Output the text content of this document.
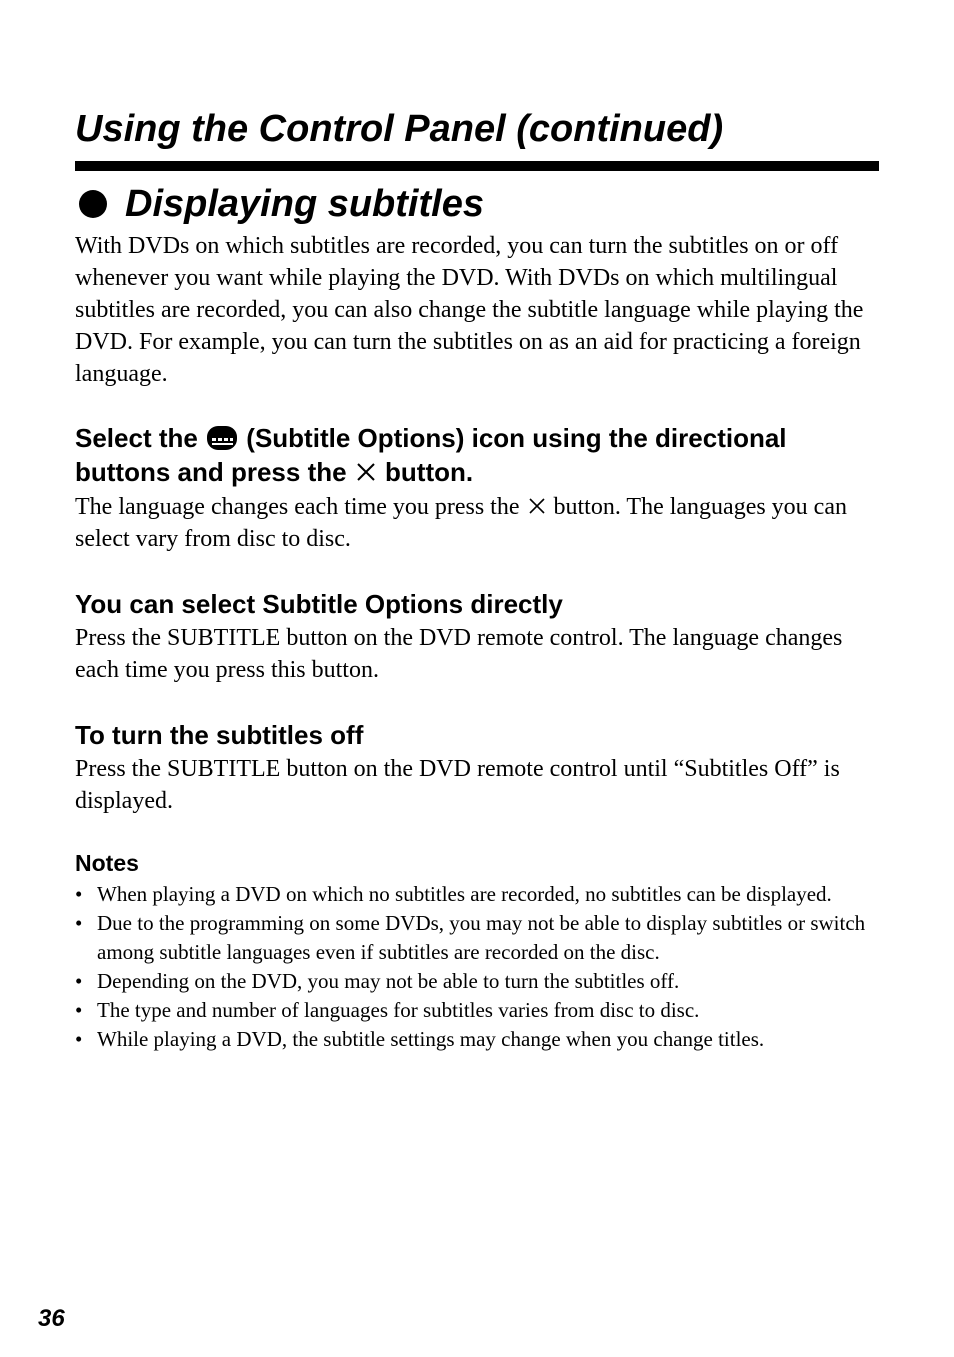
Using the Control Panel (continued)
Displaying subtitles

With DVDs on which subtitles are recorded, you can turn the subtitles on or off whenever you want while playing the DVD. With DVDs on which multilingual subtitles are recorded, you can also change the subtitle language while playing the DVD. For example, you can turn the subtitles on as an aid for practicing a foreign language.

Select the (Subtitle Options) icon using the directional buttons and press the button.

The language changes each time you press the button. The languages you can select vary from disc to disc.

You can select Subtitle Options directly

Press the SUBTITLE button on the DVD remote control. The language changes each time you press this button.

To turn the subtitles off

Press the SUBTITLE button on the DVD remote control until “Subtitles Off” is displayed.

Notes
• When playing a DVD on which no subtitles are recorded, no subtitles can be displayed.
• Due to the programming on some DVDs, you may not be able to display subtitles or switch among subtitle languages even if subtitles are recorded on the disc.
• Depending on the DVD, you may not be able to turn the subtitles off.
• The type and number of languages for subtitles varies from disc to disc.
• While playing a DVD, the subtitle settings may change when you change titles.

36
